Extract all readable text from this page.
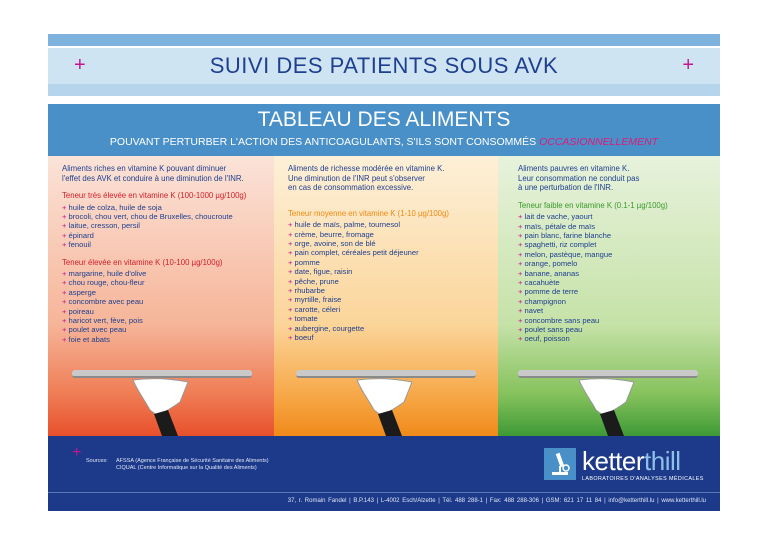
+	SUIVI DES PATIENTS SOUS AVK	+
TABLEAU DES ALIMENTS
POUVANT PERTURBER L'ACTION DES ANTICOAGULANTS, S'ILS SONT CONSOMMÉS OCCASIONNELLEMENT
Aliments riches en vitamine K pouvant diminuer
l'effet des AVK et conduire à une diminution de l'INR.
Teneur très élevée en vitamine K (100-1000 µg/100g)
+ huile de colza, huile de soja
+ brocoli, chou vert, chou de Bruxelles, choucroute
+ laitue, cresson, persil
+ épinard
+ fenouil
Teneur élevée en vitamine K (10-100 µg/100g)
+ margarine, huile d'olive
+ chou rouge, chou-fleur
+ asperge
+ concombre avec peau
+ poireau
+ haricot vert, fève, pois
+ poulet avec peau
+ foie et abats
Aliments de richesse modérée en vitamine K.
Une diminution de l'INR peut s'observer
en cas de consommation excessive.
Teneur moyenne en vitamine K (1-10 µg/100g)
+ huile de maïs, palme, tournesol
+ crème, beurre, fromage
+ orge, avoine, son de blé
+ pain complet, céréales petit déjeuner
+ pomme
+ date, figue, raisin
+ pêche, prune
+ rhubarbe
+ myrtille, fraise
+ carotte, céleri
+ tomate
+ aubergine, courgette
+ boeuf
Aliments pauvres en vitamine K.
Leur consommation ne conduit pas
à une perturbation de l'INR.
Teneur faible en vitamine K (0.1-1 µg/100g)
+ lait de vache, yaourt
+ maïs, pétale de maïs
+ pain blanc, farine blanche
+ spaghetti, riz complet
+ melon, pastèque, mangue
+ orange, pomelo
+ banane, ananas
+ cacahuète
+ pomme de terre
+ champignon
+ navet
+ concombre sans peau
+ poulet sans peau
+ oeuf, poisson
+ Sources: AFSSA (Agence Française de Sécurité Sanitaire des Aliments)
CIQUAL (Centre Informatique sur la Qualité des Aliments)	ketterthill
LABORATOIRES D'ANALYSES MÉDICALES
37, r. Romain Fandel | B.P.143 | L-4002 Esch/Alzette | Tél. 488 288-1 | Fax: 488 288-306 | GSM: 621 17 11 84 | info@ketterthill.lu | www.ketterthill.lu
